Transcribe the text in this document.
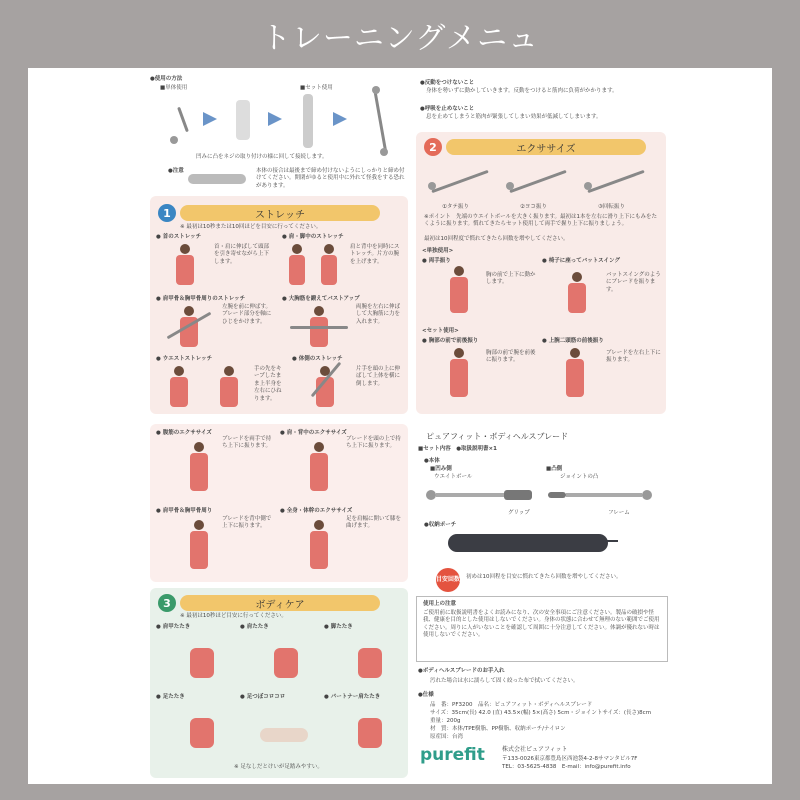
トレーニングメニュ
●使用の方法
■単体使用	■セット使用
凹みに凸をネジの取り付けの様に回して接続します。
●注意	本体の接合は最後まで締め付けないようにしっかりと締め付けてください。開閉がゆると使用中に外れて怪我をする恐れがあります。
●反動をつけないこと
身体を勢いずに動かしていきます。反動をつけると筋肉に負荷がかかります。
●呼吸を止めないこと
息を止めてしまうと筋肉が緊張してしまい効果が低減してしまいます。
1	ストレッチ
※ 最初は10秒または10回ほどを目安に行ってください。
● 首のストレッチ
首・肩に伸ばして頭部を引き寄せながら上下します。
● 肩・脚中のストレッチ
肩と背中を同時にストレッチ。片方の腕を上げます。
● 肩甲骨＆胸甲骨周りのストレッチ
左腕を前に伸ばす。ブレード部分を軸にひじをかけます。
● 大胸筋を鍛えてバストアップ
両腕を左右に伸ばして大胸筋に力を入れます。
● ウエストストレッチ
手の先をキープしたまま上半身を左右にひねります。
● 体側のストレッチ
片手を頭の上に伸ばして上体を横に倒します。
2	エクササイズ
①タテ振り	②ヨコ振り	③回転振り
※ポイント　先端のウエイトボールを大きく振ります。最初は1本を左右に滑り上下にもみをたくように振ります。慣れてきたらセット使用して両手で握り上下に振りましょう。
最初は10回程度で慣れてきたら回数を増やしてください。
<単独使用>
● 両手振り
胸の前で上下に動かします。
● 椅子に座ってバットスイング
バットスイングのようにブレードを振ります。
<セット使用>
● 胸部の前で前後振り
胸部の前で腕を前後に振ります。
● 上腕二頭筋の前後振り
ブレードを左右上下に振ります。
● 腹筋のエクササイズ
ブレードを両手で持ち上下に振ります。
● 肩・背中のエクササイズ
ブレードを頭の上で持ち上下に振ります。
● 肩甲骨＆胸甲骨周り
ブレードを背中側で上下に振ります。
● 全身・体幹のエクササイズ
足を肩幅に開いて膝を曲げます。
3	ボディケア
※ 最初は10秒ほど目安に行ってください。
● 肩甲たたき	● 肩たたき	● 脚たたき
● 足たたき	● 足つぼコロコロ	● パートナー肩たたき
※ 足なしだとけいが足踏みやすい。
ピュアフィット・ボディヘルスブレード
■セット内容　●取扱説明書×1
●本体
■凹み側	■凸側
ウエイトボール	ジョイントの凸
グリップ	フレーム
●収納ポーチ
目安回数 初めは10回程を目安に慣れてきたら回数を増やしてください。
使用上の注意
ご使用前に取扱説明書をよくお読みになり、次の安全事項にご注意ください。製品の破損や怪我、健康を目的とした使用はしないでください。身体の状態に合わせて無理のない範囲でご使用ください。周りに人がいないことを確認して周囲に十分注意してください。体調が優れない時は使用しないでください。
●ボディヘルスブレードのお手入れ
汚れた場合は水に濡らして固く絞った布で拭いてください。
●仕様
品　番：PF3200　品名：ピュアフィット・ボディヘルスブレード
サイズ：35cm(長) 42.0 (直) 43.5×(幅) 5×(高さ) 5cm・ジョイントサイズ：(長さ)8cm
重量：200g
材　質：本体/TPE樹脂、PP樹脂、収納ポーチ/ナイロン
原産国：台湾
purefit	株式会社ピュアフィット
〒133-0026東京都豊島区西池袋4-2-8サマンタビル7F
TEL：03-5625-4838　E-mail：info@purefit.info
